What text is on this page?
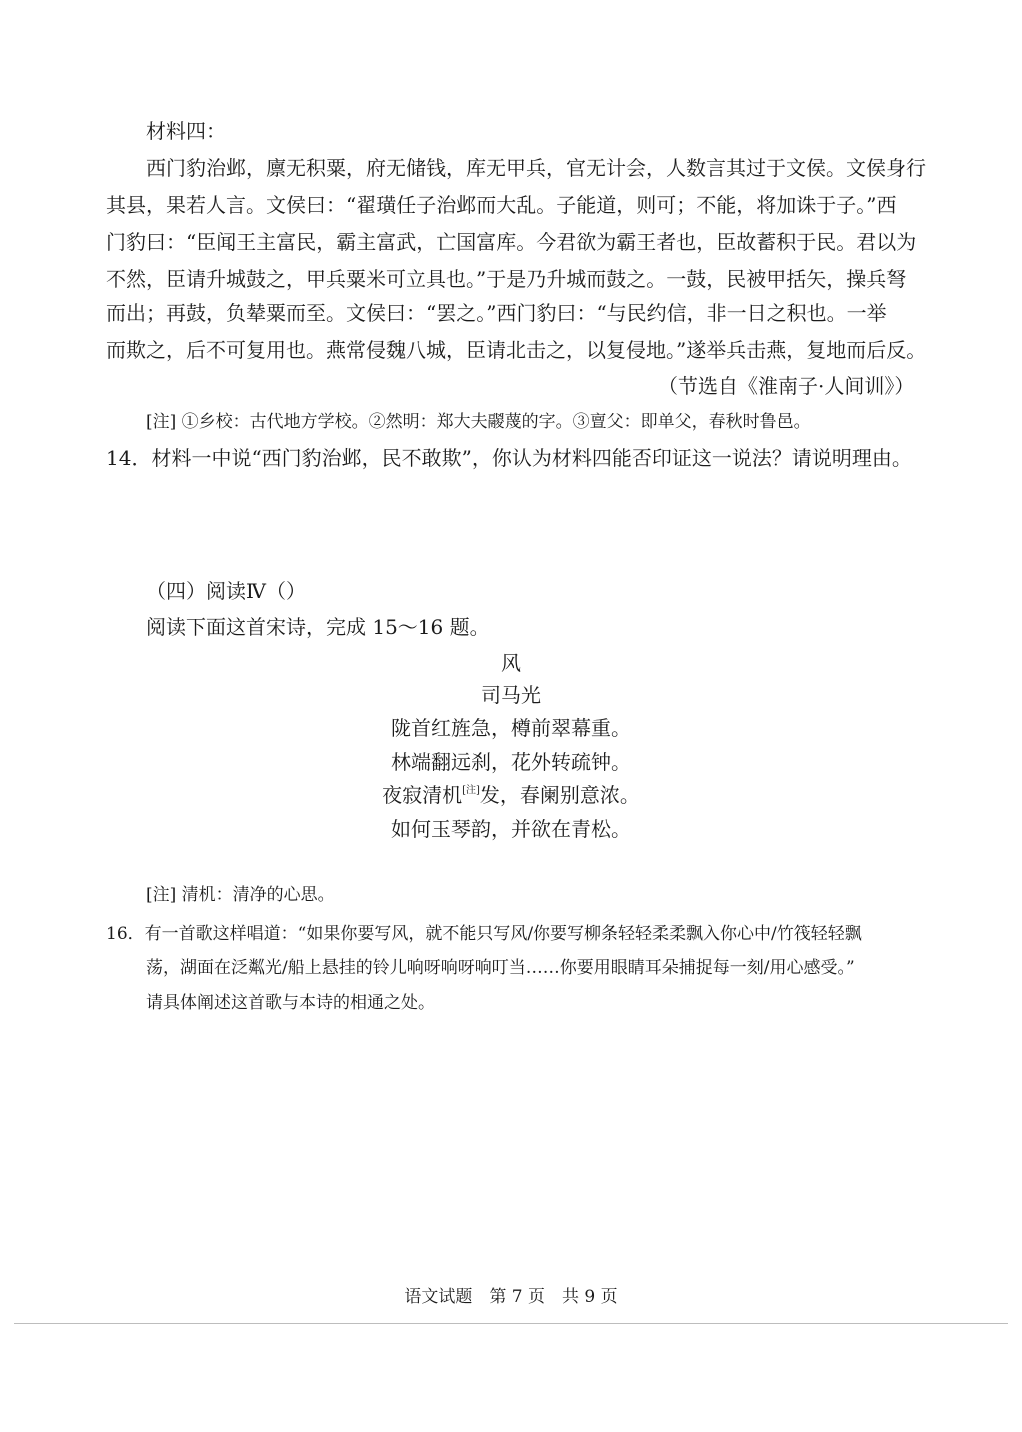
材料四：
西门豹治邺，廪无积粟，府无储钱，库无甲兵，官无计会，人数言其过于文侯。文侯身行
其县，果若人言。文侯曰：“翟璜任子治邺而大乱。子能道，则可；不能，将加诛于子。”西
门豹曰：“臣闻王主富民，霸主富武，亡国富库。今君欲为霸王者也，臣故蓄积于民。君以为
不然，臣请升城鼓之，甲兵粟米可立具也。”于是乃升城而鼓之。一鼓，民被甲括矢，操兵弩
而出；再鼓，负辇粟而至。文侯曰：“罢之。”西门豹曰：“与民约信，非一日之积也。一举
而欺之，后不可复用也。燕常侵魏八城，臣请北击之，以复侵地。”遂举兵击燕，复地而后反。
（节选自《淮南子·人间训》）
[注] ①乡校：古代地方学校。②然明：郑大夫鬷蔑的字。③亶父：即单父，春秋时鲁邑。
14．材料一中说“西门豹治邺，民不敢欺”，你认为材料四能否印证这一说法？请说明理由。
（四）阅读Ⅳ（）
阅读下面这首宋诗，完成 15～16 题。
风
司马光
陇首红旌急，樽前翠幕重。
林端翻远刹，花外转疏钟。
夜寂清机[注]发，春阑别意浓。
如何玉琴韵，并欲在青松。
[注] 清机：清净的心思。
16．有一首歌这样唱道：“如果你要写风，就不能只写风/你要写柳条轻轻柔柔飘入你心中/竹筏轻轻飘
荡，湖面在泛粼光/船上悬挂的铃儿响呀响呀响叮当……你要用眼睛耳朵捕捉每一刻/用心感受。”
请具体阐述这首歌与本诗的相通之处。
语文试题　第 7 页　共 9 页
